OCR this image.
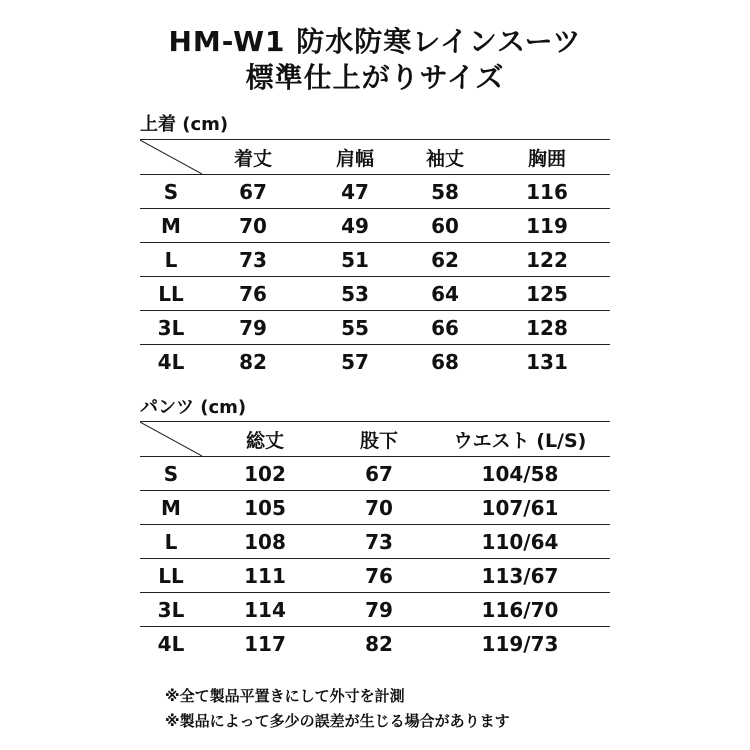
HM-W1 防水防寒レインスーツ
標準仕上がりサイズ
上着 (cm)
	着丈	肩幅	袖丈	胸囲
S	67	47	58	116
M	70	49	60	119
L	73	51	62	122
LL	76	53	64	125
3L	79	55	66	128
4L	82	57	68	131
パンツ (cm)
	総丈	股下	ウエスト (L/S)
S	102	67	104/58
M	105	70	107/61
L	108	73	110/64
LL	111	76	113/67
3L	114	79	116/70
4L	117	82	119/73
※全て製品平置きにして外寸を計測
※製品によって多少の誤差が生じる場合があります
